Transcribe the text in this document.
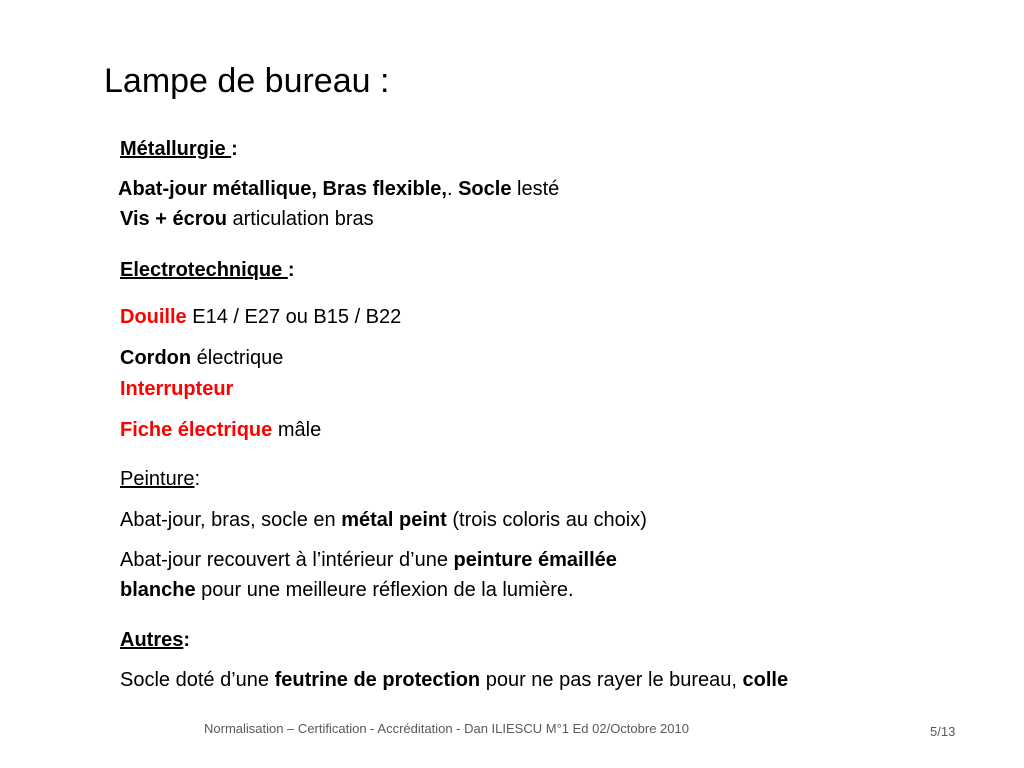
Lampe de bureau :
Métallurgie :
Abat-jour métallique, Bras flexible,. Socle lesté
Vis + écrou articulation bras
Electrotechnique :
Douille E14 / E27 ou B15 / B22
Cordon électrique
Interrupteur
Fiche électrique mâle
Peinture:
Abat-jour, bras, socle en métal peint (trois coloris au choix)
Abat-jour recouvert à l’intérieur d’une peinture émaillée
blanche pour une meilleure réflexion de la lumière.
Autres:
Socle doté d’une feutrine de protection pour ne pas rayer le bureau, colle
Normalisation – Certification - Accréditation - Dan ILIESCU M°1 Ed 02/Octobre 2010	5/13
